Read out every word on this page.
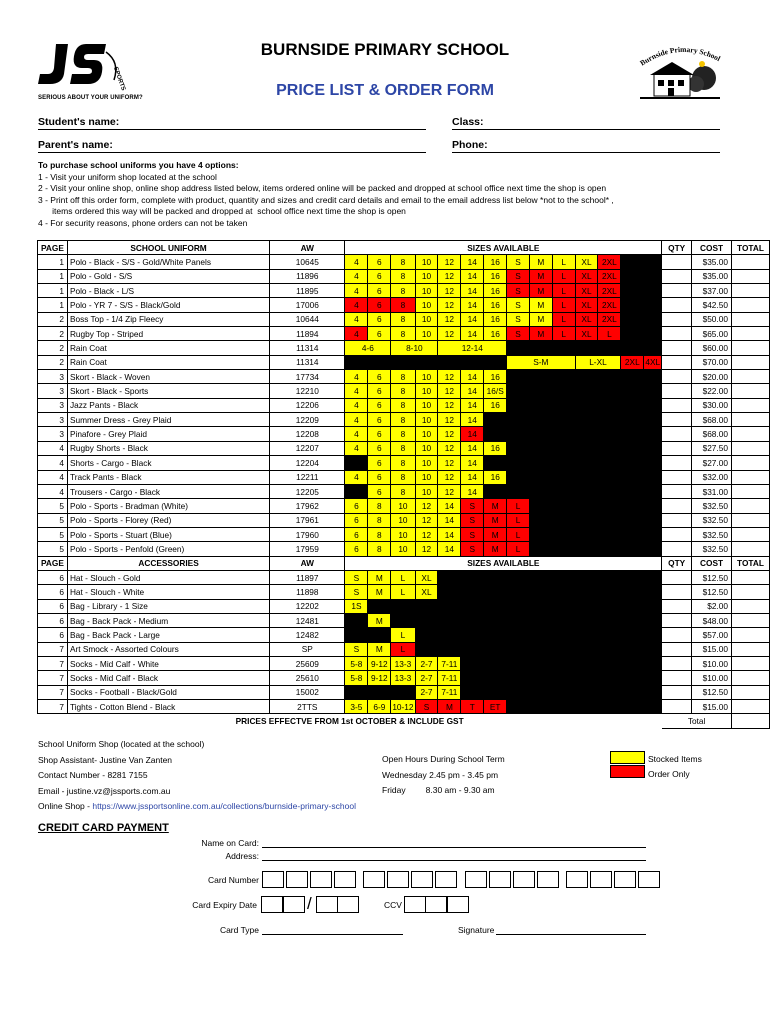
SPORTS
SERIOUS ABOUT YOUR UNIFORM?
BURNSIDE PRIMARY SCHOOL
PRICE LIST & ORDER FORM
Burnside Primary School
Student's name:	Class:
Parent's name:	Phone:
To purchase school uniforms you have 4 options:
1 - Visit your uniform shop located at the school
2 - Visit your online shop, online shop address listed below, items ordered online will be packed and dropped at school office next time the shop is open
3 - Print off this order form, complete with product, quantity and sizes and credit card details and email to the email address list below *not to the school* ,
items ordered this way will be packed and dropped at  school office next time the shop is open
4 - For security reasons, phone orders can not be taken
PAGE	SCHOOL UNIFORM	AW	SIZES AVAILABLE														QTY	COST	TOTAL
1	Polo - Black - S/S - Gold/White Panels	10645	4	6	8	10	12	14	16	S	M	L	XL	2XL				$35.00	
1	Polo - Gold - S/S	11896	4	6	8	10	12	14	16	S	M	L	XL	2XL				$35.00	
1	Polo - Black - L/S	11895	4	6	8	10	12	14	16	S	M	L	XL	2XL				$37.00	
1	Polo - YR 7 - S/S - Black/Gold	17006	4	6	8	10	12	14	16	S	M	L	XL	2XL				$42.50	
2	Boss Top - 1/4 Zip Fleecy	10644	4	6	8	10	12	14	16	S	M	L	XL	2XL				$50.00	
2	Rugby Top - Striped	11894	4	6	8	10	12	14	16	S	M	L	XL	L				$65.00	
2	Rain Coat	11314	4-6		8-10		12-14											$60.00	
2	Rain Coat	11314								S-M			L-XL		2XL	4XL		$70.00	
3	Skort - Black - Woven	17734	4	6	8	10	12	14	16									$20.00	
3	Skort - Black - Sports	12210	4	6	8	10	12	14	16/S									$22.00	
3	Jazz Pants - Black	12206	4	6	8	10	12	14	16									$30.00	
3	Summer Dress - Grey Plaid	12209	4	6	8	10	12	14										$68.00	
3	Pinafore - Grey Plaid	12208	4	6	8	10	12	14										$68.00	
4	Rugby Shorts - Black	12207	4	6	8	10	12	14	16									$27.50	
4	Shorts - Cargo - Black	12204		6	8	10	12	14										$27.00	
4	Track Pants - Black	12211	4	6	8	10	12	14	16									$32.00	
4	Trousers - Cargo - Black	12205		6	8	10	12	14										$31.00	
5	Polo - Sports - Bradman (White)	17962	6	8	10	12	14	S	M	L								$32.50	
5	Polo - Sports - Florey (Red)	17961	6	8	10	12	14	S	M	L								$32.50	
5	Polo - Sports - Stuart (Blue)	17960	6	8	10	12	14	S	M	L								$32.50	
5	Polo - Sports - Penfold (Green)	17959	6	8	10	12	14	S	M	L								$32.50	
PAGE	ACCESSORIES	AW	SIZES AVAILABLE														QTY	COST	TOTAL
6	Hat - Slouch - Gold	11897	S	M	L	XL												$12.50	
6	Hat - Slouch - White	11898	S	M	L	XL												$12.50	
6	Bag - Library - 1 Size	12202	1S															$2.00	
6	Bag - Back Pack - Medium	12481		M														$48.00	
6	Bag - Back Pack - Large	12482			L													$57.00	
7	Art Smock - Assorted Colours	SP	S	M	L													$15.00	
7	Socks - Mid Calf - White	25609	5-8	9-12	13-3	2-7	7-11											$10.00	
7	Socks - Mid Calf - Black	25610	5-8	9-12	13-3	2-7	7-11											$10.00	
7	Socks - Football - Black/Gold	15002				2-7	7-11											$12.50	
7	Tights - Cotton Blend - Black	2TTS	3-5	6-9	10-12	S	M	T	ET									$15.00	
PRICES EFFECTVE FROM 1st OCTOBER & INCLUDE GST																	Total		
School Uniform Shop (located at the school)
Shop Assistant- Justine Van Zanten
Contact Number - 8281 7155
Email - justine.vz@jssports.com.au
Online Shop - https://www.jssportsonline.com.au/collections/burnside-primary-school
Open Hours During School Term
Wednesday 2.45 pm - 3.45 pm
Friday 8.30 am - 9.30 am
Stocked Items
Order Only
CREDIT CARD PAYMENT
Name on Card:
Address:
Card Number
Card Expiry Date	/	CCV
Card Type	Signature
